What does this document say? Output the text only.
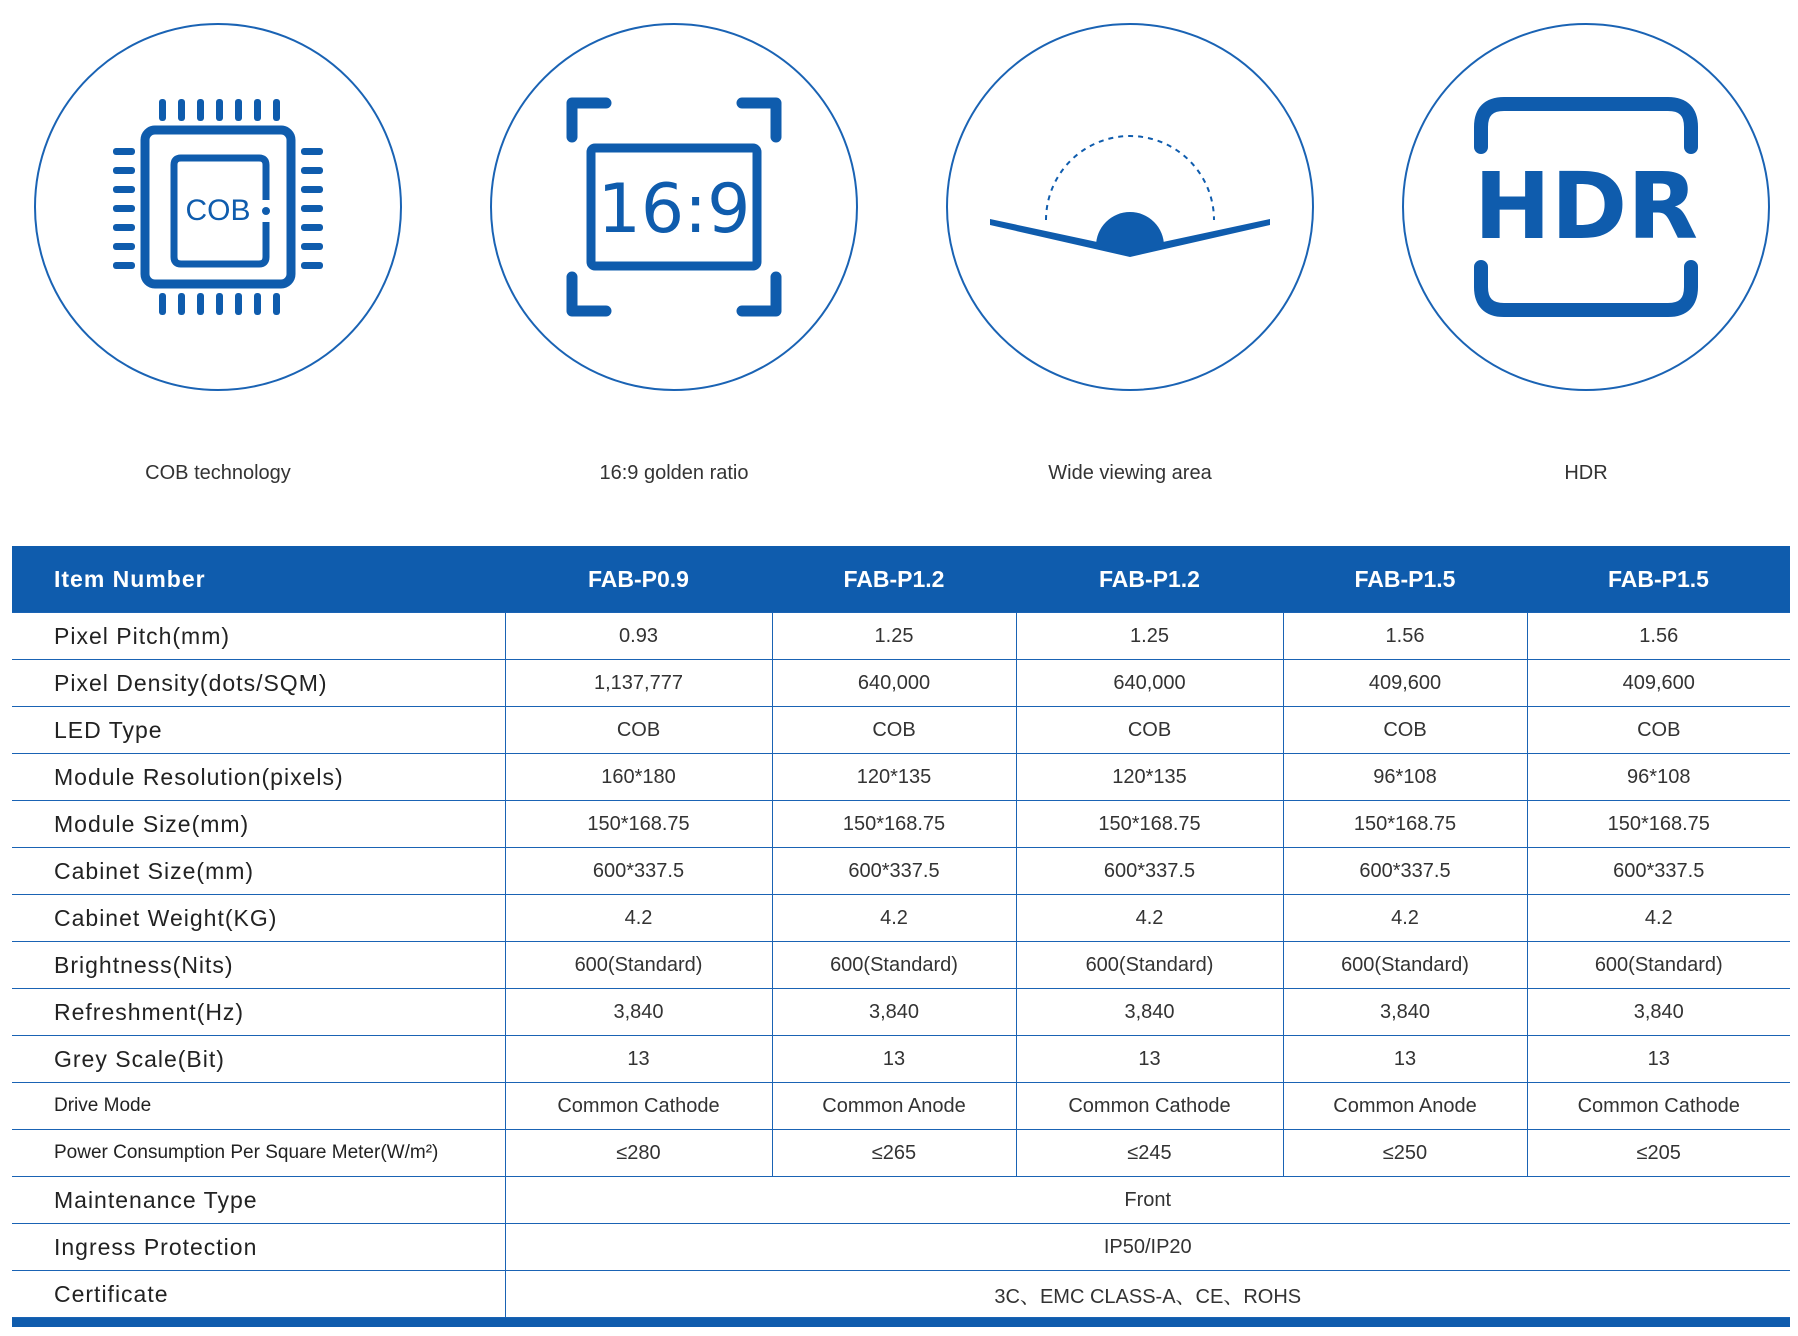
COB
COB technology
16:9
16:9 golden ratio	Wide viewing area
HDR
HDR
Item Number	FAB-P0.9	FAB-P1.2	FAB-P1.2	FAB-P1.5	FAB-P1.5
Pixel Pitch(mm)	0.93	1.25	1.25	1.56	1.56
Pixel Density(dots/SQM)	1,137,777	640,000	640,000	409,600	409,600
LED Type	COB	COB	COB	COB	COB
Module Resolution(pixels)	160*180	120*135	120*135	96*108	96*108
Module Size(mm)	150*168.75	150*168.75	150*168.75	150*168.75	150*168.75
Cabinet Size(mm)	600*337.5	600*337.5	600*337.5	600*337.5	600*337.5
Cabinet Weight(KG)	4.2	4.2	4.2	4.2	4.2
Brightness(Nits)	600(Standard)	600(Standard)	600(Standard)	600(Standard)	600(Standard)
Refreshment(Hz)	3,840	3,840	3,840	3,840	3,840
Grey Scale(Bit)	13	13	13	13	13
Drive Mode	Common Cathode	Common Anode	Common Cathode	Common Anode	Common Cathode
Power Consumption Per Square Meter(W/m²)	≤280	≤265	≤245	≤250	≤205
Maintenance Type	Front				
Ingress Protection	IP50/IP20				
Certificate	3C、EMC CLASS-A、CE、ROHS				
